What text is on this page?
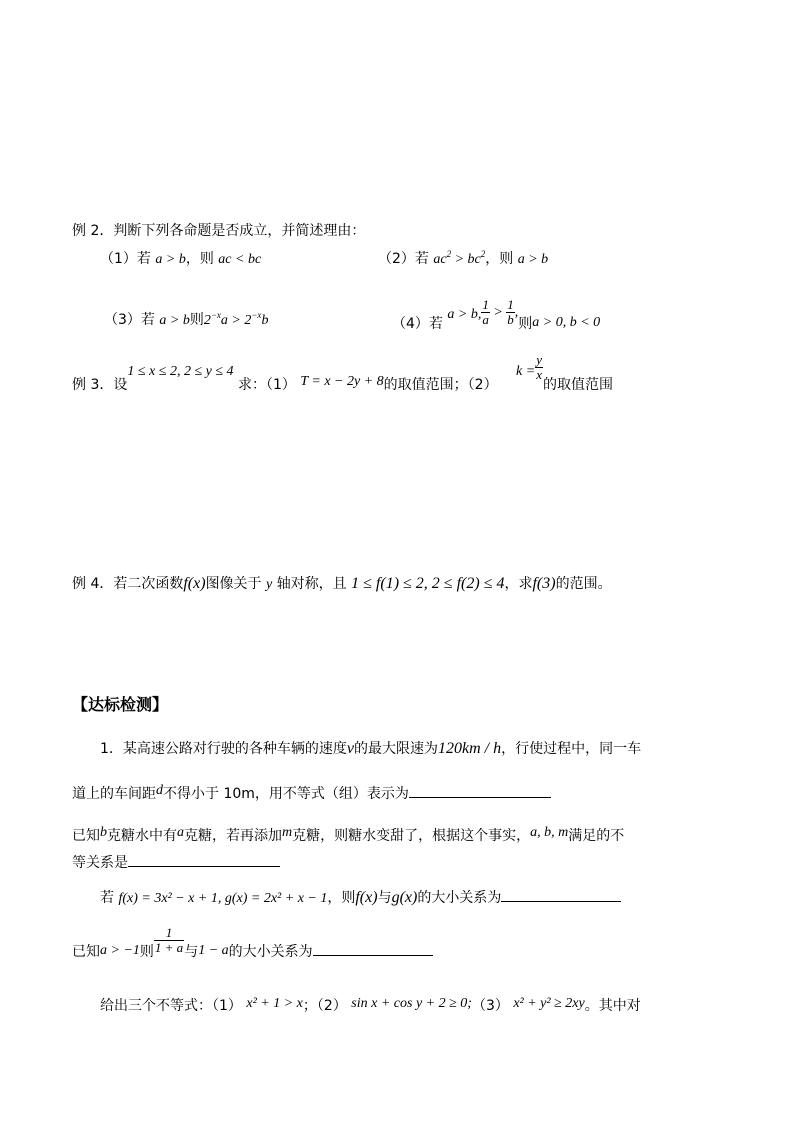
例 2．判断下列各命题是否成立，并简述理由：
（1）若 a > b，则 ac < bc	（2）若 $ac^2 > bc^2$，则 a > b
（3）若 a > b则$2^{-x}a > 2^{-x}b$	（4）若 a > b, $\frac{1}{a} > \frac{1}{b}$ ,则a > 0, b < 0
例 3．设1 ≤ x ≤ 2, 2 ≤ y ≤ 4 求：（1） T = x − 2y + 8的取值范围；（2） $k = \frac{y}{x}$
的取值范围
例 4．若二次函数f(x)图像关于 y 轴对称，且 1 ≤ f(1) ≤ 2, 2 ≤ f(2) ≤ 4，求f(3)的范围。
【达标检测】
1．某高速公路对行驶的各种车辆的速度v的最大限速为120km / h，行使过程中，同一车
道上的车间距d不得小于 10m，用不等式（组）表示为
已知b克糖水中有a克糖，若再添加m克糖，则糖水变甜了，根据这个事实，a, b, m满足的不
等关系是
若 f(x) = 3x² − x + 1, g(x) = 2x² + x − 1，则f(x)与g(x)的大小关系为
已知a > −1则 $\frac{1}{1 + a}$ 与1 − a的大小关系为
给出三个不等式：（1） x² + 1 > x；（2） sin x + cos y + 2 ≥ 0;（3） x² + y² ≥ 2xy。其中对
